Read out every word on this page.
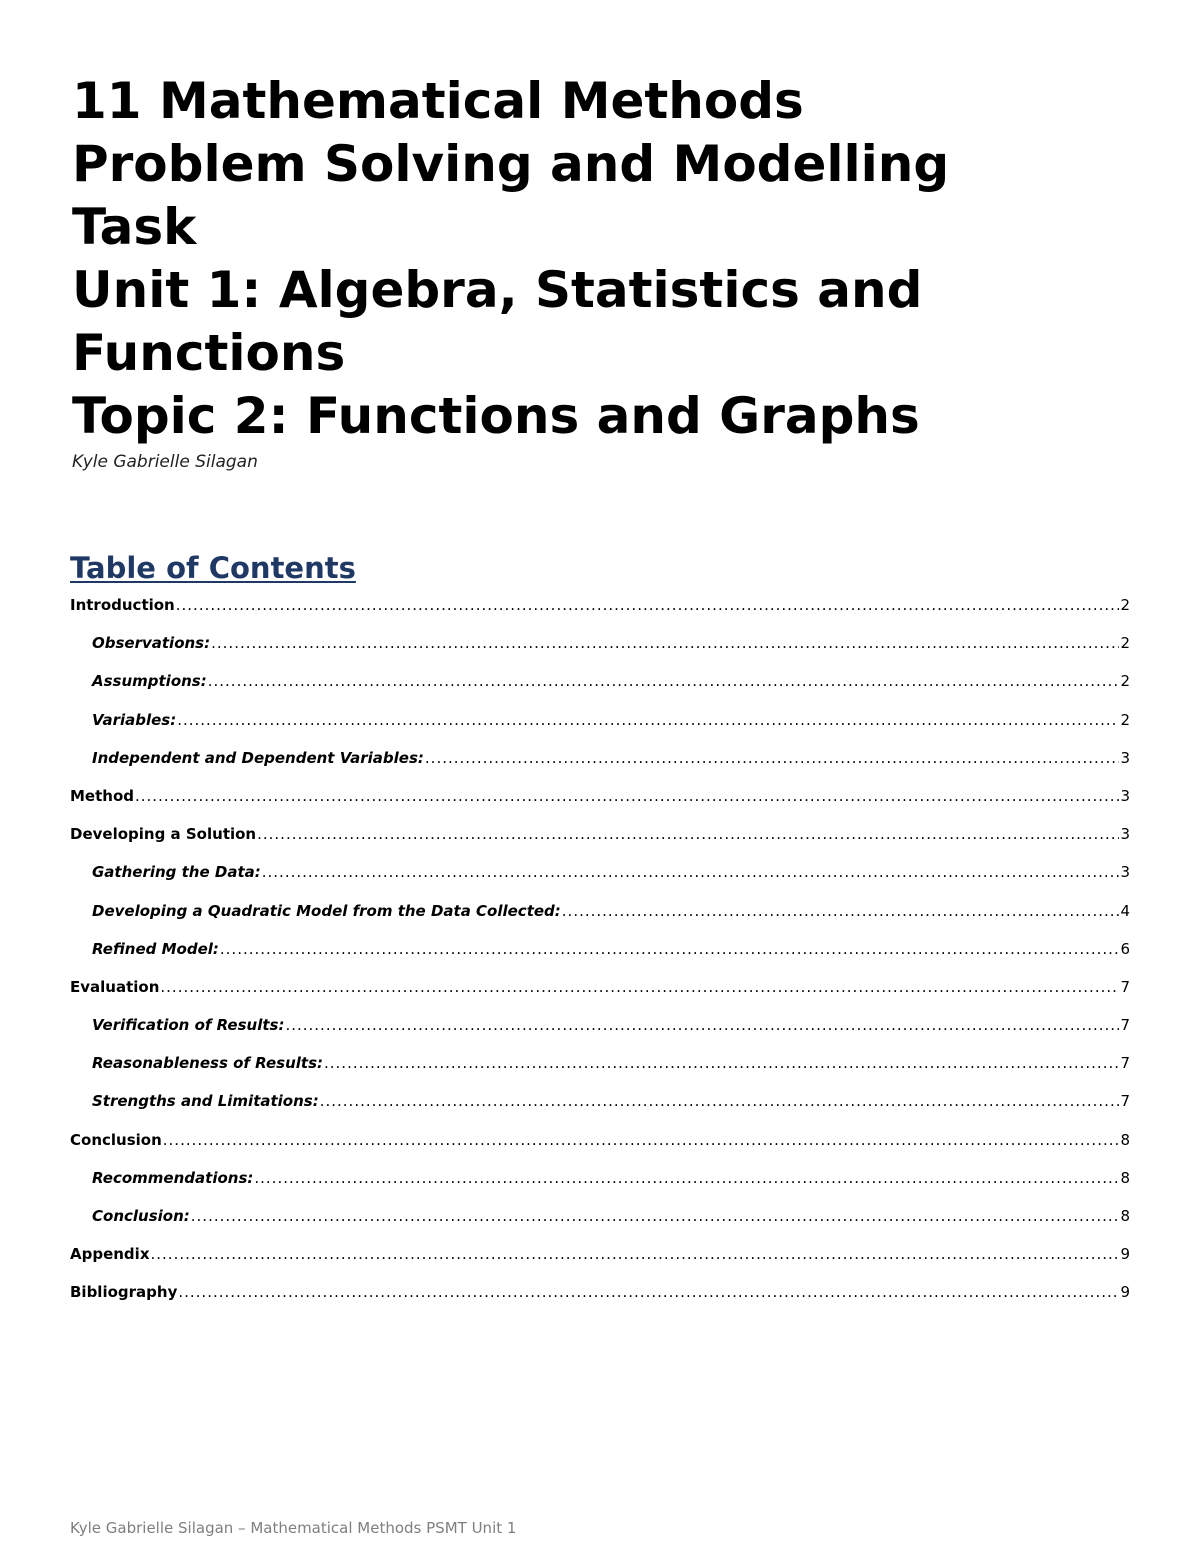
11 Mathematical Methods
Problem Solving and Modelling
Task
Unit 1: Algebra, Statistics and
Functions
Topic 2: Functions and Graphs
Kyle Gabrielle Silagan
Table of Contents
Introduction .....	2
Observations: .....	2
Assumptions: .....	2
Variables: .....	2
Independent and Dependent Variables: .....	3
Method .....	3
Developing a Solution .....	3
Gathering the Data: .....	3
Developing a Quadratic Model from the Data Collected: .....	4
Refined Model: .....	6
Evaluation .....	7
Verification of Results: .....	7
Reasonableness of Results: .....	7
Strengths and Limitations: .....	7
Conclusion .....	8
Recommendations: .....	8
Conclusion: .....	8
Appendix .....	9
Bibliography .....	9
Kyle Gabrielle Silagan – Mathematical Methods PSMT Unit 1
